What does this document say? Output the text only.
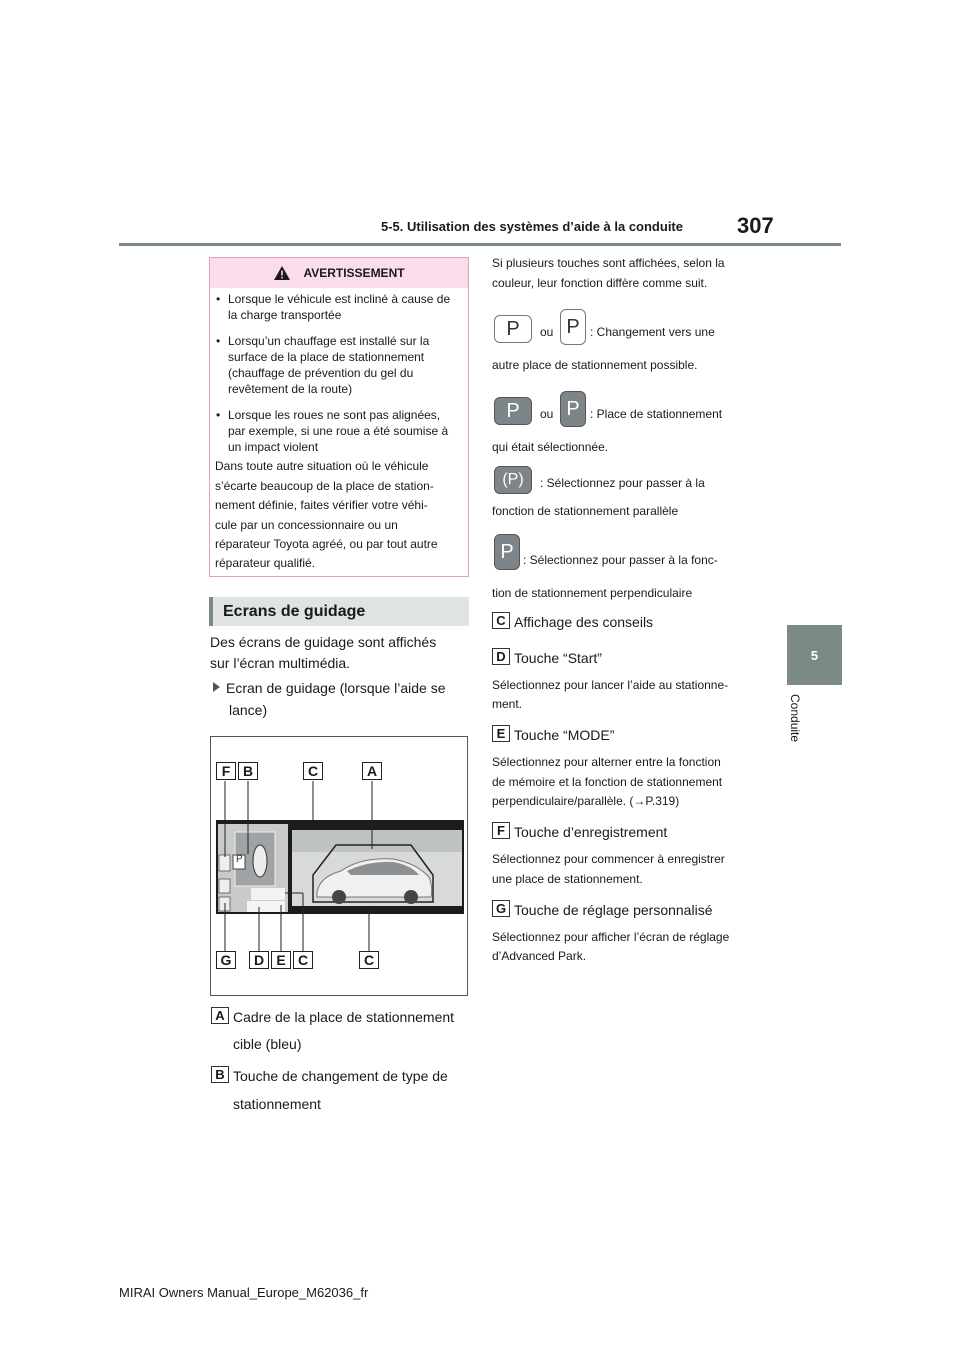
307
5-5. Utilisation des systèmes d’aide à la conduite
5
Conduite
AVERTISSEMENT
• Lorsque le véhicule est incliné à cause de la charge transportée
• Lorsqu’un chauffage est installé sur la surface de la place de stationnement (chauffage de prévention du gel du revêtement de la route)
• Lorsque les roues ne sont pas alignées, par exemple, si une roue a été soumise à un impact violent
Dans toute autre situation où le véhicule
s’écarte beaucoup de la place de station-
nement définie, faites vérifier votre véhi-
cule par un concessionnaire ou un
réparateur Toyota agréé, ou par tout autre
réparateur qualifié.
Ecrans de guidage
Des écrans de guidage sont affichés
sur l’écran multimédia.
Ecran de guidage (lorsque l’aide se
lance)
F B	C	A
P
G	D E C	C
A Cadre de la place de stationnement
cible (bleu)
B Touche de changement de type de
stationnement
Si plusieurs touches sont affichées, selon la
couleur, leur fonction diffère comme suit.
P	ou P : Changement vers une
autre place de stationnement possible.
P	ou P : Place de stationnement
qui était sélectionnée.
(P)	: Sélectionnez pour passer à la
fonction de stationnement parallèle
P : Sélectionnez pour passer à la fonc-
tion de stationnement perpendiculaire
C Affichage des conseils
D Touche “Start”
Sélectionnez pour lancer l’aide au stationne-
ment.
E Touche “MODE”
Sélectionnez pour alterner entre la fonction
de mémoire et la fonction de stationnement
perpendiculaire/parallèle. (→P.319)
F Touche d’enregistrement
Sélectionnez pour commencer à enregistrer
une place de stationnement.
G Touche de réglage personnalisé
Sélectionnez pour afficher l’écran de réglage
d’Advanced Park.
MIRAI Owners Manual_Europe_M62036_fr
